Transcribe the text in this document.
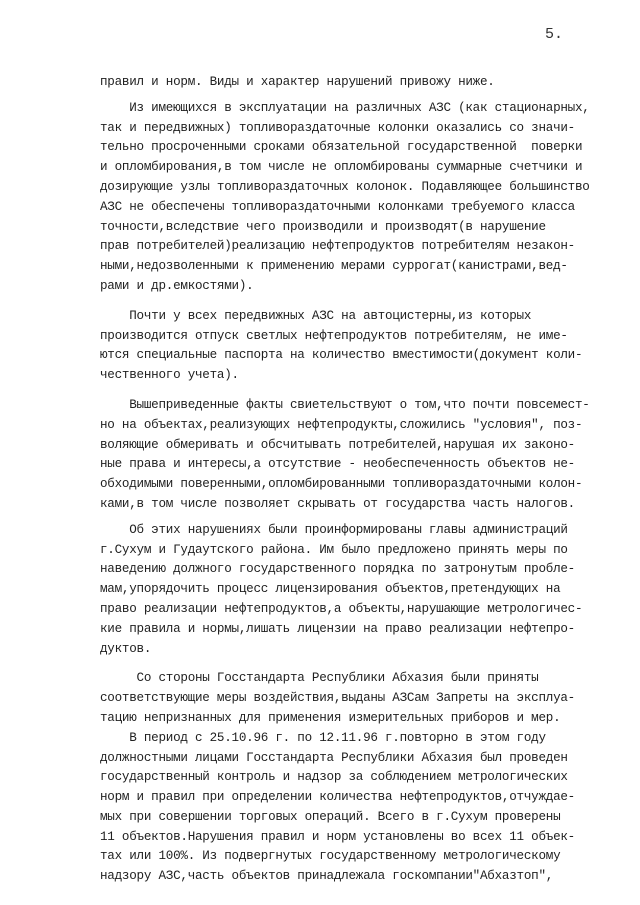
5.
правил и норм. Виды и характер нарушений привожу ниже.
Из имеющихся в эксплуатации на различных АЗС (как стационарных,
так и передвижных) топливораздаточные колонки оказались со значи-
тельно просроченными сроками обязательной государственной  поверки
и опломбирования,в том числе не опломбированы суммарные счетчики и
дозирующие узлы топливораздаточных колонок. Подавляющее большинство
АЗС не обеспечены топливораздаточными колонками требуемого класса
точности,вследствие чего производили и производят(в нарушение
прав потребителей)реализацию нефтепродуктов потребителям незакон-
ными,недозволенными к применению мерами суррогат(канистрами,вед-
рами и др.емкостями).
Почти у всех передвижных АЗС на автоцистерны,из которых
производится отпуск светлых нефтепродуктов потребителям, не име-
ются специальные паспорта на количество вместимости(документ коли-
чественного учета).
Вышеприведенные факты свиетельствуют о том,что почти повсемест-
но на объектах,реализующих нефтепродукты,сложились "условия", поз-
воляющие обмеривать и обсчитывать потребителей,нарушая их законо-
ные права и интересы,а отсутствие - необеспеченность объектов не-
обходимыми поверенными,опломбированными топливораздаточными колон-
ками,в том числе позволяет скрывать от государства часть налогов.
Об этих нарушениях были проинформированы главы администраций
г.Сухум и Гудаутского района. Им было предложено принять меры по
наведению должного государственного порядка по затронутым пробле-
мам,упорядочить процесс лицензирования объектов,претендующих на
право реализации нефтепродуктов,а объекты,нарушающие метрологичес-
кие правила и нормы,лишать лицензии на право реализации нефтепро-
дуктов.
Со стороны Госстандарта Республики Абхазия были приняты
соответствующие меры воздействия,выданы АЗСам Запреты на эксплуа-
тацию непризнанных для применения измерительных приборов и мер.
В период с 25.10.96 г. по 12.11.96 г.повторно в этом году
должностными лицами Госстандарта Республики Абхазия был проведен
государственный контроль и надзор за соблюдением метрологических
норм и правил при определении количества нефтепродуктов,отчуждае-
мых при совершении торговых операций. Всего в г.Сухум проверены
11 объектов.Нарушения правил и норм установлены во всех 11 объек-
тах или 100%. Из подвергнутых государственному метрологическому
надзору АЗС,часть объектов принадлежала госкомпании"Абхазтоп",
